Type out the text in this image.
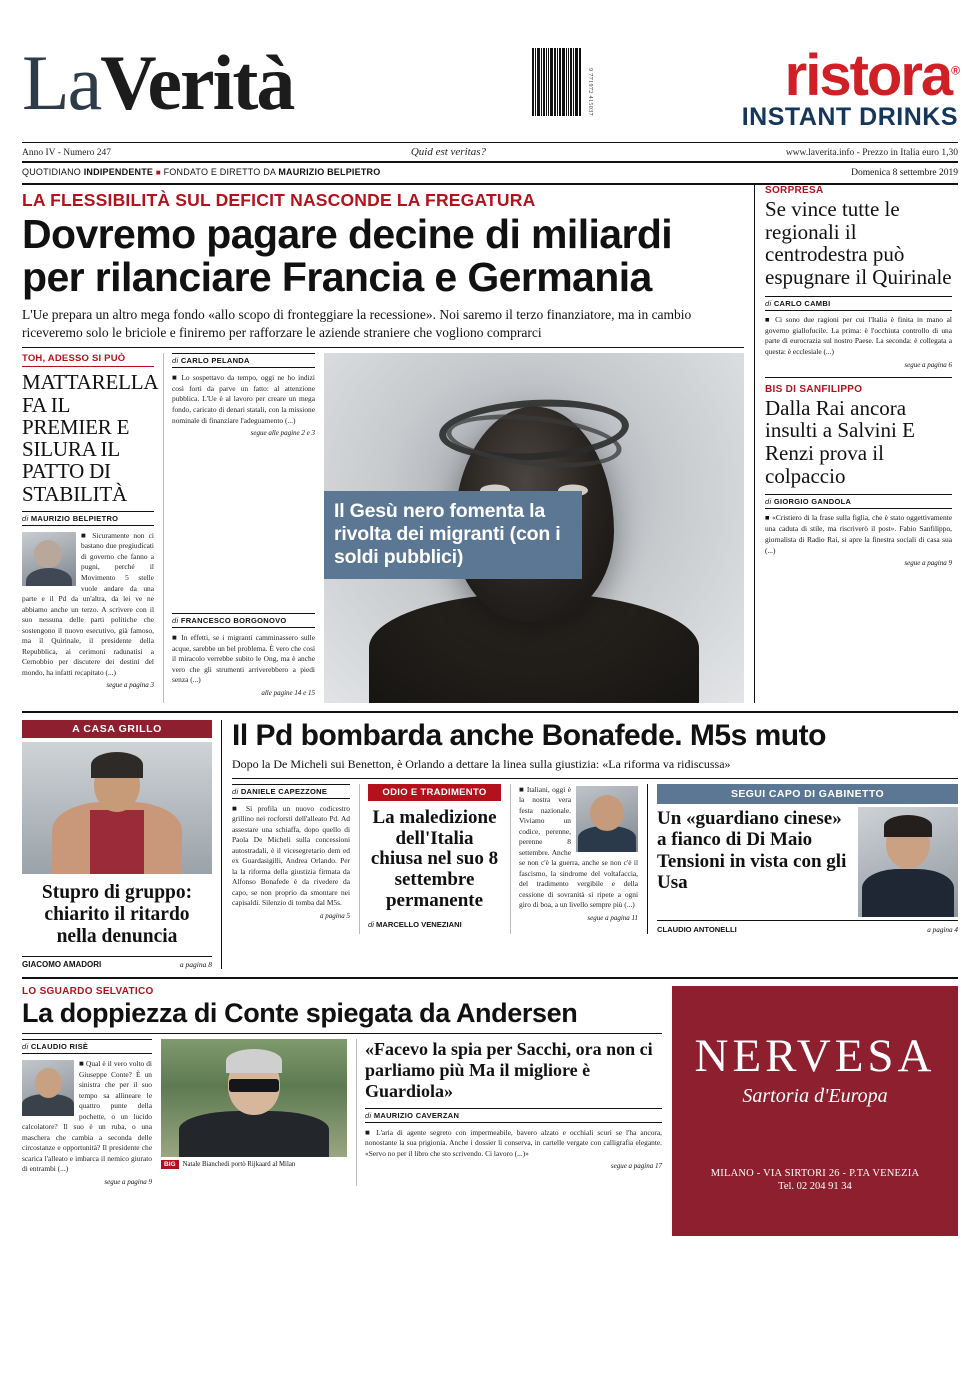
LaVerità	9 771972 415037	ristora®
INSTANT DRINKS
Anno IV - Numero 247	Quid est veritas?	www.laverita.info - Prezzo in Italia euro 1,30
QUOTIDIANO INDIPENDENTE ■ FONDATO E DIRETTO DA MAURIZIO BELPIETRO	Domenica 8 settembre 2019
LA FLESSIBILITÀ SUL DEFICIT NASCONDE LA FREGATURA
Dovremo pagare decine di miliardi
per rilanciare Francia e Germania
L'Ue prepara un altro mega fondo «allo scopo di fronteggiare la recessione». Noi saremo il terzo finanziatore, ma in cambio riceveremo solo le briciole e finiremo per rafforzare le aziende straniere che vogliono comprarci
TOH, ADESSO SI PUÒ
MATTARELLA FA IL PREMIER E SILURA IL PATTO DI STABILITÀ
di MAURIZIO BELPIETRO
■ Sicuramente non ci bastano due pregiudicati di governo che fanno a pugni, perché il Movimento 5 stelle vuole andare da una parte e il Pd da un'altra, da lei ve ne abbiamo anche un terzo. A scrivere con il suo nessuna delle parti politiche che sostengono il nuovo esecutivo, già famoso, ma il Quirinale, il presidente della Repubblica, ai cerimoni radunatisi a Cernobbio per discutere dei destini del mondo, ha infatti recapitato (...)
segue a pagina 3
di CARLO PELANDA
■ Lo sospettavo da tempo, oggi ne ho indizi così forti da parve un fatto: al attenzione pubblica. L'Ue è al lavoro per creare un mega fondo, caricato di denari statali, con la missione nominale di finanziare l'adeguamento (...)
segue alle pagine 2 e 3
di FRANCESCO BORGONOVO
■ In effetti, se i migranti camminassero sulle acque, sarebbe un bel problema. È vero che così il miracolo verrebbe subito le Ong, ma è anche vero che gli strumenti arriverebbero a piedi senza (...)
alle pagine 14 e 15
Il Gesù nero fomenta la rivolta dei migranti (con i soldi pubblici)
SORPRESA
Se vince tutte le regionali il centrodestra può espugnare il Quirinale
di CARLO CAMBI
■ Ci sono due ragioni per cui l'Italia è finita in mano al governo giallofucile. La prima: è l'occhiuta controllo di una parte di eurocrazia sul nostro Paese. La seconda: è collegata a questa: è ecclesiale (...)
segue a pagina 6
BIS DI SANFILIPPO
Dalla Rai ancora insulti a Salvini E Renzi prova il colpaccio
di GIORGIO GANDOLA
■ «Cristiero di la frase sulla figlia, che è stato oggettivamente una caduta di stile, ma riscriverò il post». Fabio Sanfilippo, giornalista di Radio Rai, si apre la finestra sociali di casa sua (...)
segue a pagina 9
A CASA GRILLO
Stupro di gruppo: chiarito il ritardo nella denuncia
GIACOMO AMADORI	a pagina 8
Il Pd bombarda anche Bonafede. M5s muto
Dopo la De Micheli sui Benetton, è Orlando a dettare la linea sulla giustizia: «La riforma va ridiscussa»
di DANIELE CAPEZZONE
■ Si profila un nuovo codicestro grillino nei rocforsti dell'alleato Pd. Ad assestare una schiaffa, dopo quello di Paola De Micheli sulla concessioni autostradali, è il vicesegretario dem ed ex Guardasigilli, Andrea Orlando. Per la la riforma della giustizia firmata da Alfonso Bonafede è da rivedere da capo, se non proprio da smontare nei capisaldi. Silenzio di tomba dal M5s.
a pagina 5
ODIO E TRADIMENTO
La maledizione dell'Italia chiusa nel suo 8 settembre permanente
di MARCELLO VENEZIANI
■ Italiani, oggi è la nostra vera festa nazionale. Viviamo un codice, perenne, perenne 8 settembre. Anche se non c'è la guerra, anche se non c'è il fascismo, la sindrome del voltafaccia, del tradimento vergibile e della cessione di sovranità si ripete a ogni giro di boa, a un livello sempre più (...)
segue a pagina 11
SEGUI CAPO DI GABINETTO
Un «guardiano cinese» a fianco di Di Maio Tensioni in vista con gli Usa
CLAUDIO ANTONELLI	a pagina 4
LO SGUARDO SELVATICO
La doppiezza di Conte spiegata da Andersen
di CLAUDIO RISÈ
■ Qual è il vero volto di Giuseppe Conte? È un sinistra che per il suo tempo sa allineare le quattro punte della pochette, o un lucido calcolatore? Il suo è un ruba, o una maschera che cambia a seconda delle circostanze e opportunità? Il presidente che scarica l'alleato e imbarca il nemico giurato di entrambi (...)
segue a pagina 9
BIG	Natale Bianchedi portò Rijkaard al Milan
«Facevo la spia per Sacchi, ora non ci parliamo più Ma il migliore è Guardiola»
di MAURIZIO CAVERZAN
■ L'aria di agente segreto con impermeabile, bavero alzato e occhiali scuri se l'ha ancora, nonostante la sua prigionia. Anche i dossier li conserva, in cartelle vergate con calligrafia elegante. «Servo no per il libro che sto scrivendo. Ci lavoro (...)»
segue a pagina 17
NERVESA
Sartoria d'Europa
MILANO - VIA SIRTORI 26 - P.TA VENEZIA
Tel. 02 204 91 34
